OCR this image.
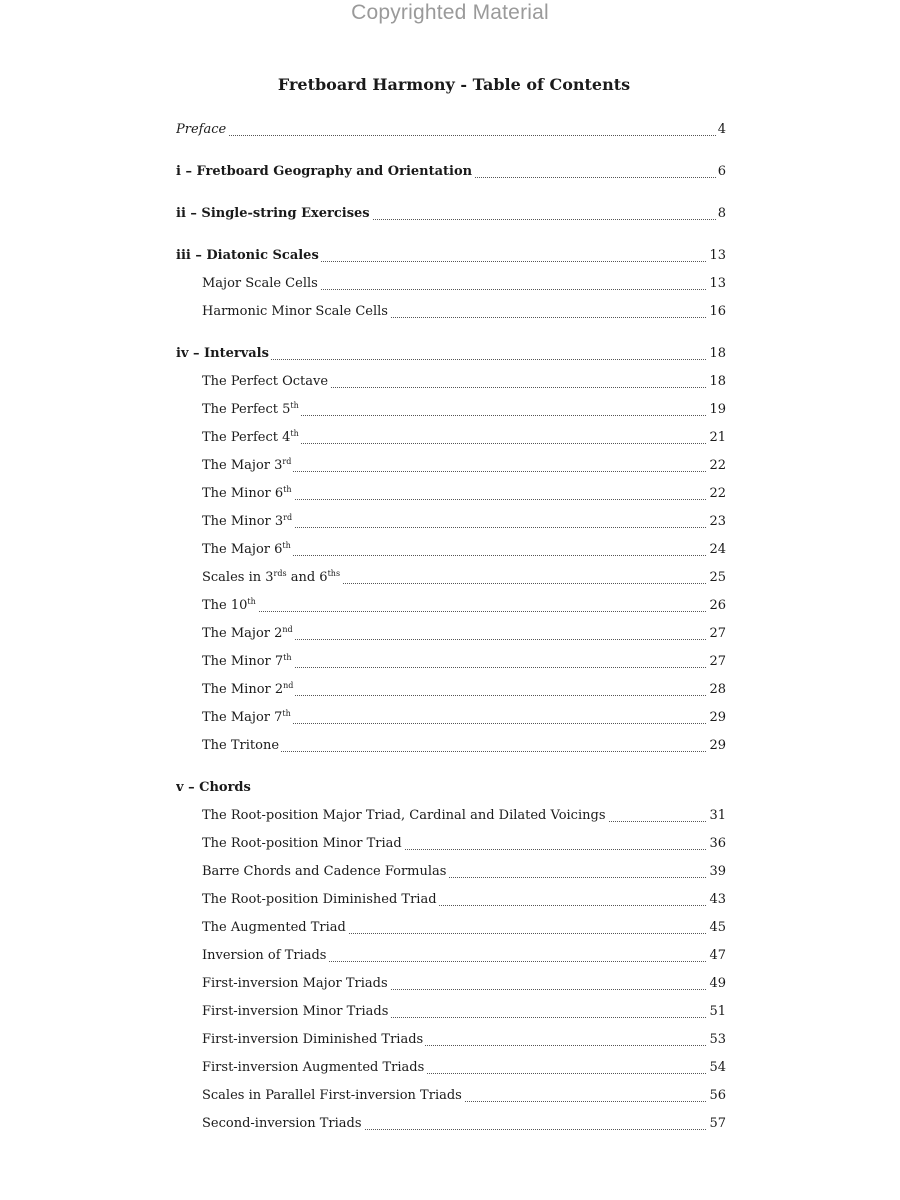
Copyrighted Material
Fretboard Harmony - Table of Contents
Preface	4
i – Fretboard Geography and Orientation	6
ii – Single-string Exercises	8
iii – Diatonic Scales	13
Major Scale Cells	13
Harmonic Minor Scale Cells	16
iv – Intervals	18
The Perfect Octave	18
The Perfect 5th	19
The Perfect 4th	21
The Major 3rd	22
The Minor 6th	22
The Minor 3rd	23
The Major 6th	24
Scales in $3^{rds}$ and $6^{ths}$	25
The 10th	26
The Major 2nd	27
The Minor 7th	27
The Minor 2nd	28
The Major 7th	29
The Tritone	29
v – Chords
The Root-position Major Triad, Cardinal and Dilated Voicings	31
The Root-position Minor Triad	36
Barre Chords and Cadence Formulas	39
The Root-position Diminished Triad	43
The Augmented Triad	45
Inversion of Triads	47
First-inversion Major Triads	49
First-inversion Minor Triads	51
First-inversion Diminished Triads	53
First-inversion Augmented Triads	54
Scales in Parallel First-inversion Triads	56
Second-inversion Triads	57
